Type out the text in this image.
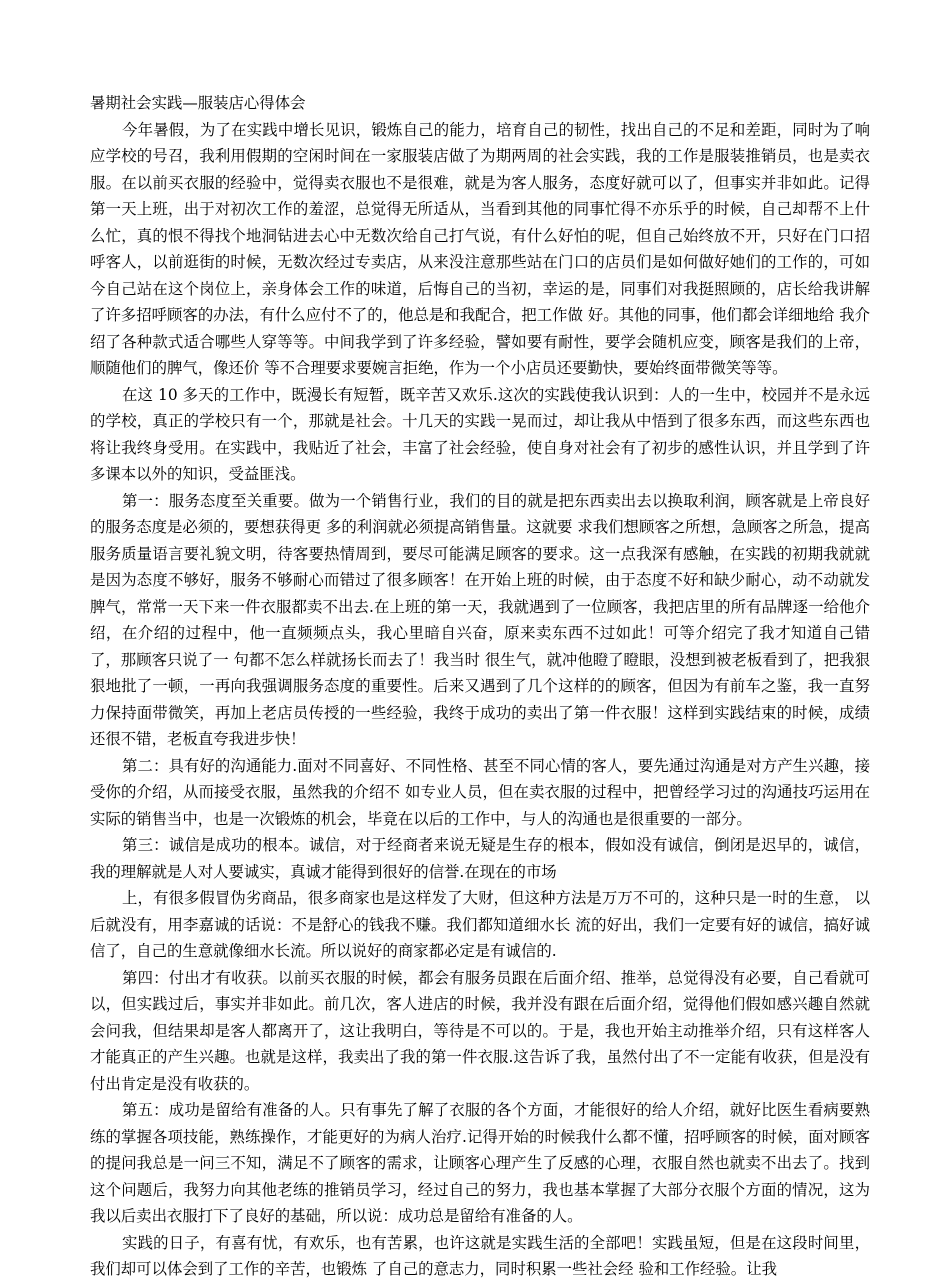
暑期社会实践—服装店心得体会

今年暑假，为了在实践中增长见识，锻炼自己的能力，培育自己的韧性，找出自己的不足和差距，同时为了响应学校的号召，我利用假期的空闲时间在一家服装店做了为期两周的社会实践，我的工作是服装推销员，也是卖衣服。在以前买衣服的经验中，觉得卖衣服也不是很难，就是为客人服务，态度好就可以了，但事实并非如此。记得第一天上班，出于对初次工作的羞涩，总觉得无所适从，当看到其他的同事忙得不亦乐乎的时候，自己却帮不上什么忙，真的恨不得找个地洞钻进去心中无数次给自己打气说，有什么好怕的呢，但自己始终放不开，只好在门口招呼客人，以前逛街的时候，无数次经过专卖店，从来没注意那些站在门口的店员们是如何做好她们的工作的，可如今自己站在这个岗位上，亲身体会工作的味道，后悔自己的当初，幸运的是，同事们对我挺照顾的，店长给我讲解了许多招呼顾客的办法，有什么应付不了的，他总是和我配合，把工作做 好。其他的同事，他们都会详细地给 我介绍了各种款式适合哪些人穿等等。中间我学到了许多经验，譬如要有耐性，要学会随机应变，顾客是我们的上帝，顺随他们的脾气，像还价 等不合理要求要婉言拒绝，作为一个小店员还要勤快，要始终面带微笑等等。

在这 10 多天的工作中，既漫长有短暂，既辛苦又欢乐.这次的实践使我认识到：人的一生中，校园并不是永远的学校，真正的学校只有一个，那就是社会。十几天的实践一晃而过，却让我从中悟到了很多东西，而这些东西也将让我终身受用。在实践中，我贴近了社会，丰富了社会经验，使自身对社会有了初步的感性认识，并且学到了许多课本以外的知识，受益匪浅。

第一：服务态度至关重要。做为一个销售行业，我们的目的就是把东西卖出去以换取利润，顾客就是上帝良好的服务态度是必须的，要想获得更 多的利润就必须提高销售量。这就要 求我们想顾客之所想，急顾客之所急，提高服务质量语言要礼貌文明，待客要热情周到，要尽可能满足顾客的要求。这一点我深有感触，在实践的初期我就就是因为态度不够好，服务不够耐心而错过了很多顾客！在开始上班的时候，由于态度不好和缺少耐心，动不动就发脾气，常常一天下来一件衣服都卖不出去.在上班的第一天，我就遇到了一位顾客，我把店里的所有品牌逐一给他介绍，在介绍的过程中，他一直频频点头，我心里暗自兴奋，原来卖东西不过如此！可等介绍完了我才知道自己错了，那顾客只说了一 句都不怎么样就扬长而去了！我当时 很生气，就冲他瞪了瞪眼，没想到被老板看到了，把我狠狠地批了一顿，一再向我强调服务态度的重要性。后来又遇到了几个这样的的顾客，但因为有前车之鉴，我一直努力保持面带微笑，再加上老店员传授的一些经验，我终于成功的卖出了第一件衣服！这样到实践结束的时候，成绩还很不错，老板直夸我进步快！

第二：具有好的沟通能力.面对不同喜好、不同性格、甚至不同心情的客人，要先通过沟通是对方产生兴趣，接受你的介绍，从而接受衣服，虽然我的介绍不 如专业人员，但在卖衣服的过程中，把曾经学习过的沟通技巧运用在实际的销售当中，也是一次锻炼的机会，毕竟在以后的工作中，与人的沟通也是很重要的一部分。

第三：诚信是成功的根本。诚信，对于经商者来说无疑是生存的根本，假如没有诚信，倒闭是迟早的，诚信，我的理解就是人对人要诚实，真诚才能得到很好的信誉.在现在的市场

上，有很多假冒伪劣商品，很多商家也是这样发了大财，但这种方法是万万不可的，这种只是一时的生意， 以后就没有，用李嘉诚的话说：不是舒心的钱我不赚。我们都知道细水长 流的好出，我们一定要有好的诚信，搞好诚信了，自己的生意就像细水长流。所以说好的商家都必定是有诚信的.

第四：付出才有收获。以前买衣服的时候，都会有服务员跟在后面介绍、推举，总觉得没有必要，自己看就可以，但实践过后，事实并非如此。前几次，客人进店的时候，我并没有跟在后面介绍，觉得他们假如感兴趣自然就会问我，但结果却是客人都离开了，这让我明白，等待是不可以的。于是，我也开始主动推举介绍，只有这样客人才能真正的产生兴趣。也就是这样，我卖出了我的第一件衣服.这告诉了我，虽然付出了不一定能有收获，但是没有付出肯定是没有收获的。

第五：成功是留给有准备的人。只有事先了解了衣服的各个方面，才能很好的给人介绍，就好比医生看病要熟练的掌握各项技能，熟练操作，才能更好的为病人治疗.记得开始的时候我什么都不懂，招呼顾客的时候，面对顾客的提问我总是一问三不知，满足不了顾客的需求，让顾客心理产生了反感的心理，衣服自然也就卖不出去了。找到这个问题后，我努力向其他老练的推销员学习，经过自己的努力，我也基本掌握了大部分衣服个方面的情况，这为我以后卖出衣服打下了良好的基础，所以说：成功总是留给有准备的人。

实践的日子，有喜有忧，有欢乐，也有苦累，也许这就是实践生活的全部吧！实践虽短，但是在这段时间里，我们却可以体会到了工作的辛苦，也锻炼 了自己的意志力，同时积累一些社会经 验和工作经验。让我
